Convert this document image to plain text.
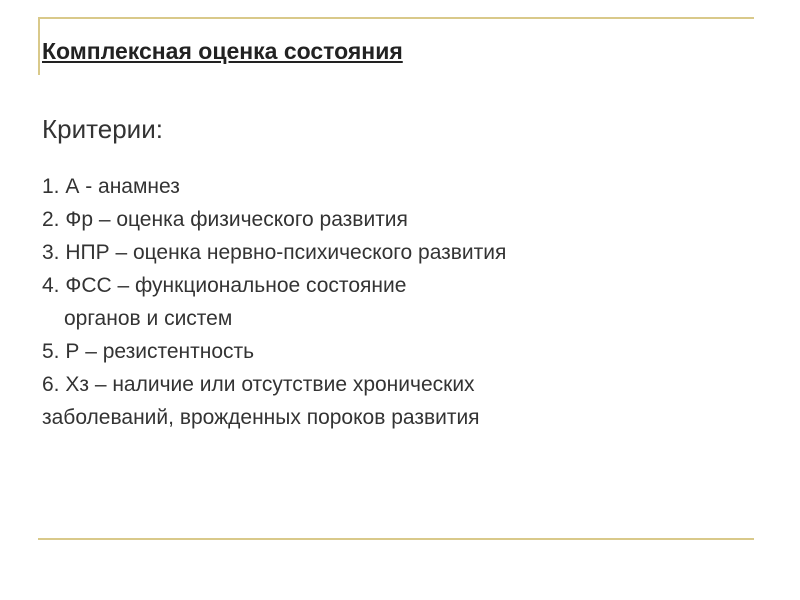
Комплексная оценка состояния
Критерии:
1. А - анамнез
2. Фр – оценка физического развития
3. НПР – оценка нервно-психического развития
4. ФСС – функциональное состояние
органов и систем
5. Р – резистентность
6. Хз – наличие или отсутствие хронических
заболеваний, врожденных пороков развития
